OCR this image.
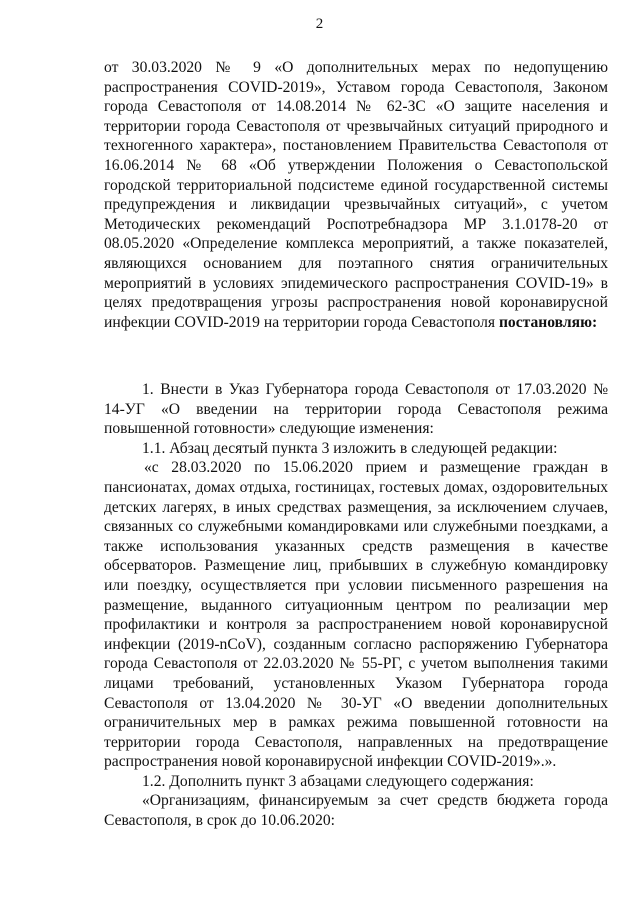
2

от 30.03.2020 № 9 «О дополнительных мерах по недопущению распространения COVID-2019», Уставом города Севастополя, Законом города Севастополя от 14.08.2014 № 62-ЗС «О защите населения и территории города Севастополя от чрезвычайных ситуаций природного и техногенного характера», постановлением Правительства Севастополя от 16.06.2014 № 68 «Об утверждении Положения о Севастопольской городской территориальной подсистеме единой государственной системы предупреждения и ликвидации чрезвычайных ситуаций», с учетом Методических рекомендаций Роспотребнадзора МР 3.1.0178-20 от 08.05.2020 «Определение комплекса мероприятий, а также показателей, являющихся основанием для поэтапного снятия ограничительных мероприятий в условиях эпидемического распространения COVID-19» в целях предотвращения угрозы распространения новой коронавирусной инфекции COVID-2019 на территории города Севастополя постановляю:

1. Внести в Указ Губернатора города Севастополя от 17.03.2020 № 14-УГ «О введении на территории города Севастополя режима повышенной готовности» следующие изменения:

1.1. Абзац десятый пункта 3 изложить в следующей редакции:

«с 28.03.2020 по 15.06.2020 прием и размещение граждан в пансионатах, домах отдыха, гостиницах, гостевых домах, оздоровительных детских лагерях, в иных средствах размещения, за исключением случаев, связанных со служебными командировками или служебными поездками, а также использования указанных средств размещения в качестве обсерваторов. Размещение лиц, прибывших в служебную командировку или поездку, осуществляется при условии письменного разрешения на размещение, выданного ситуационным центром по реализации мер профилактики и контроля за распространением новой коронавирусной инфекции (2019-nCoV), созданным согласно распоряжению Губернатора города Севастополя от 22.03.2020 № 55-РГ, с учетом выполнения такими лицами требований, установленных Указом Губернатора города Севастополя от 13.04.2020 № 30-УГ «О введении дополнительных ограничительных мер в рамках режима повышенной готовности на территории города Севастополя, направленных на предотвращение распространения новой коронавирусной инфекции COVID-2019».».

1.2. Дополнить пункт 3 абзацами следующего содержания:

«Организациям, финансируемым за счет средств бюджета города Севастополя, в срок до 10.06.2020:
